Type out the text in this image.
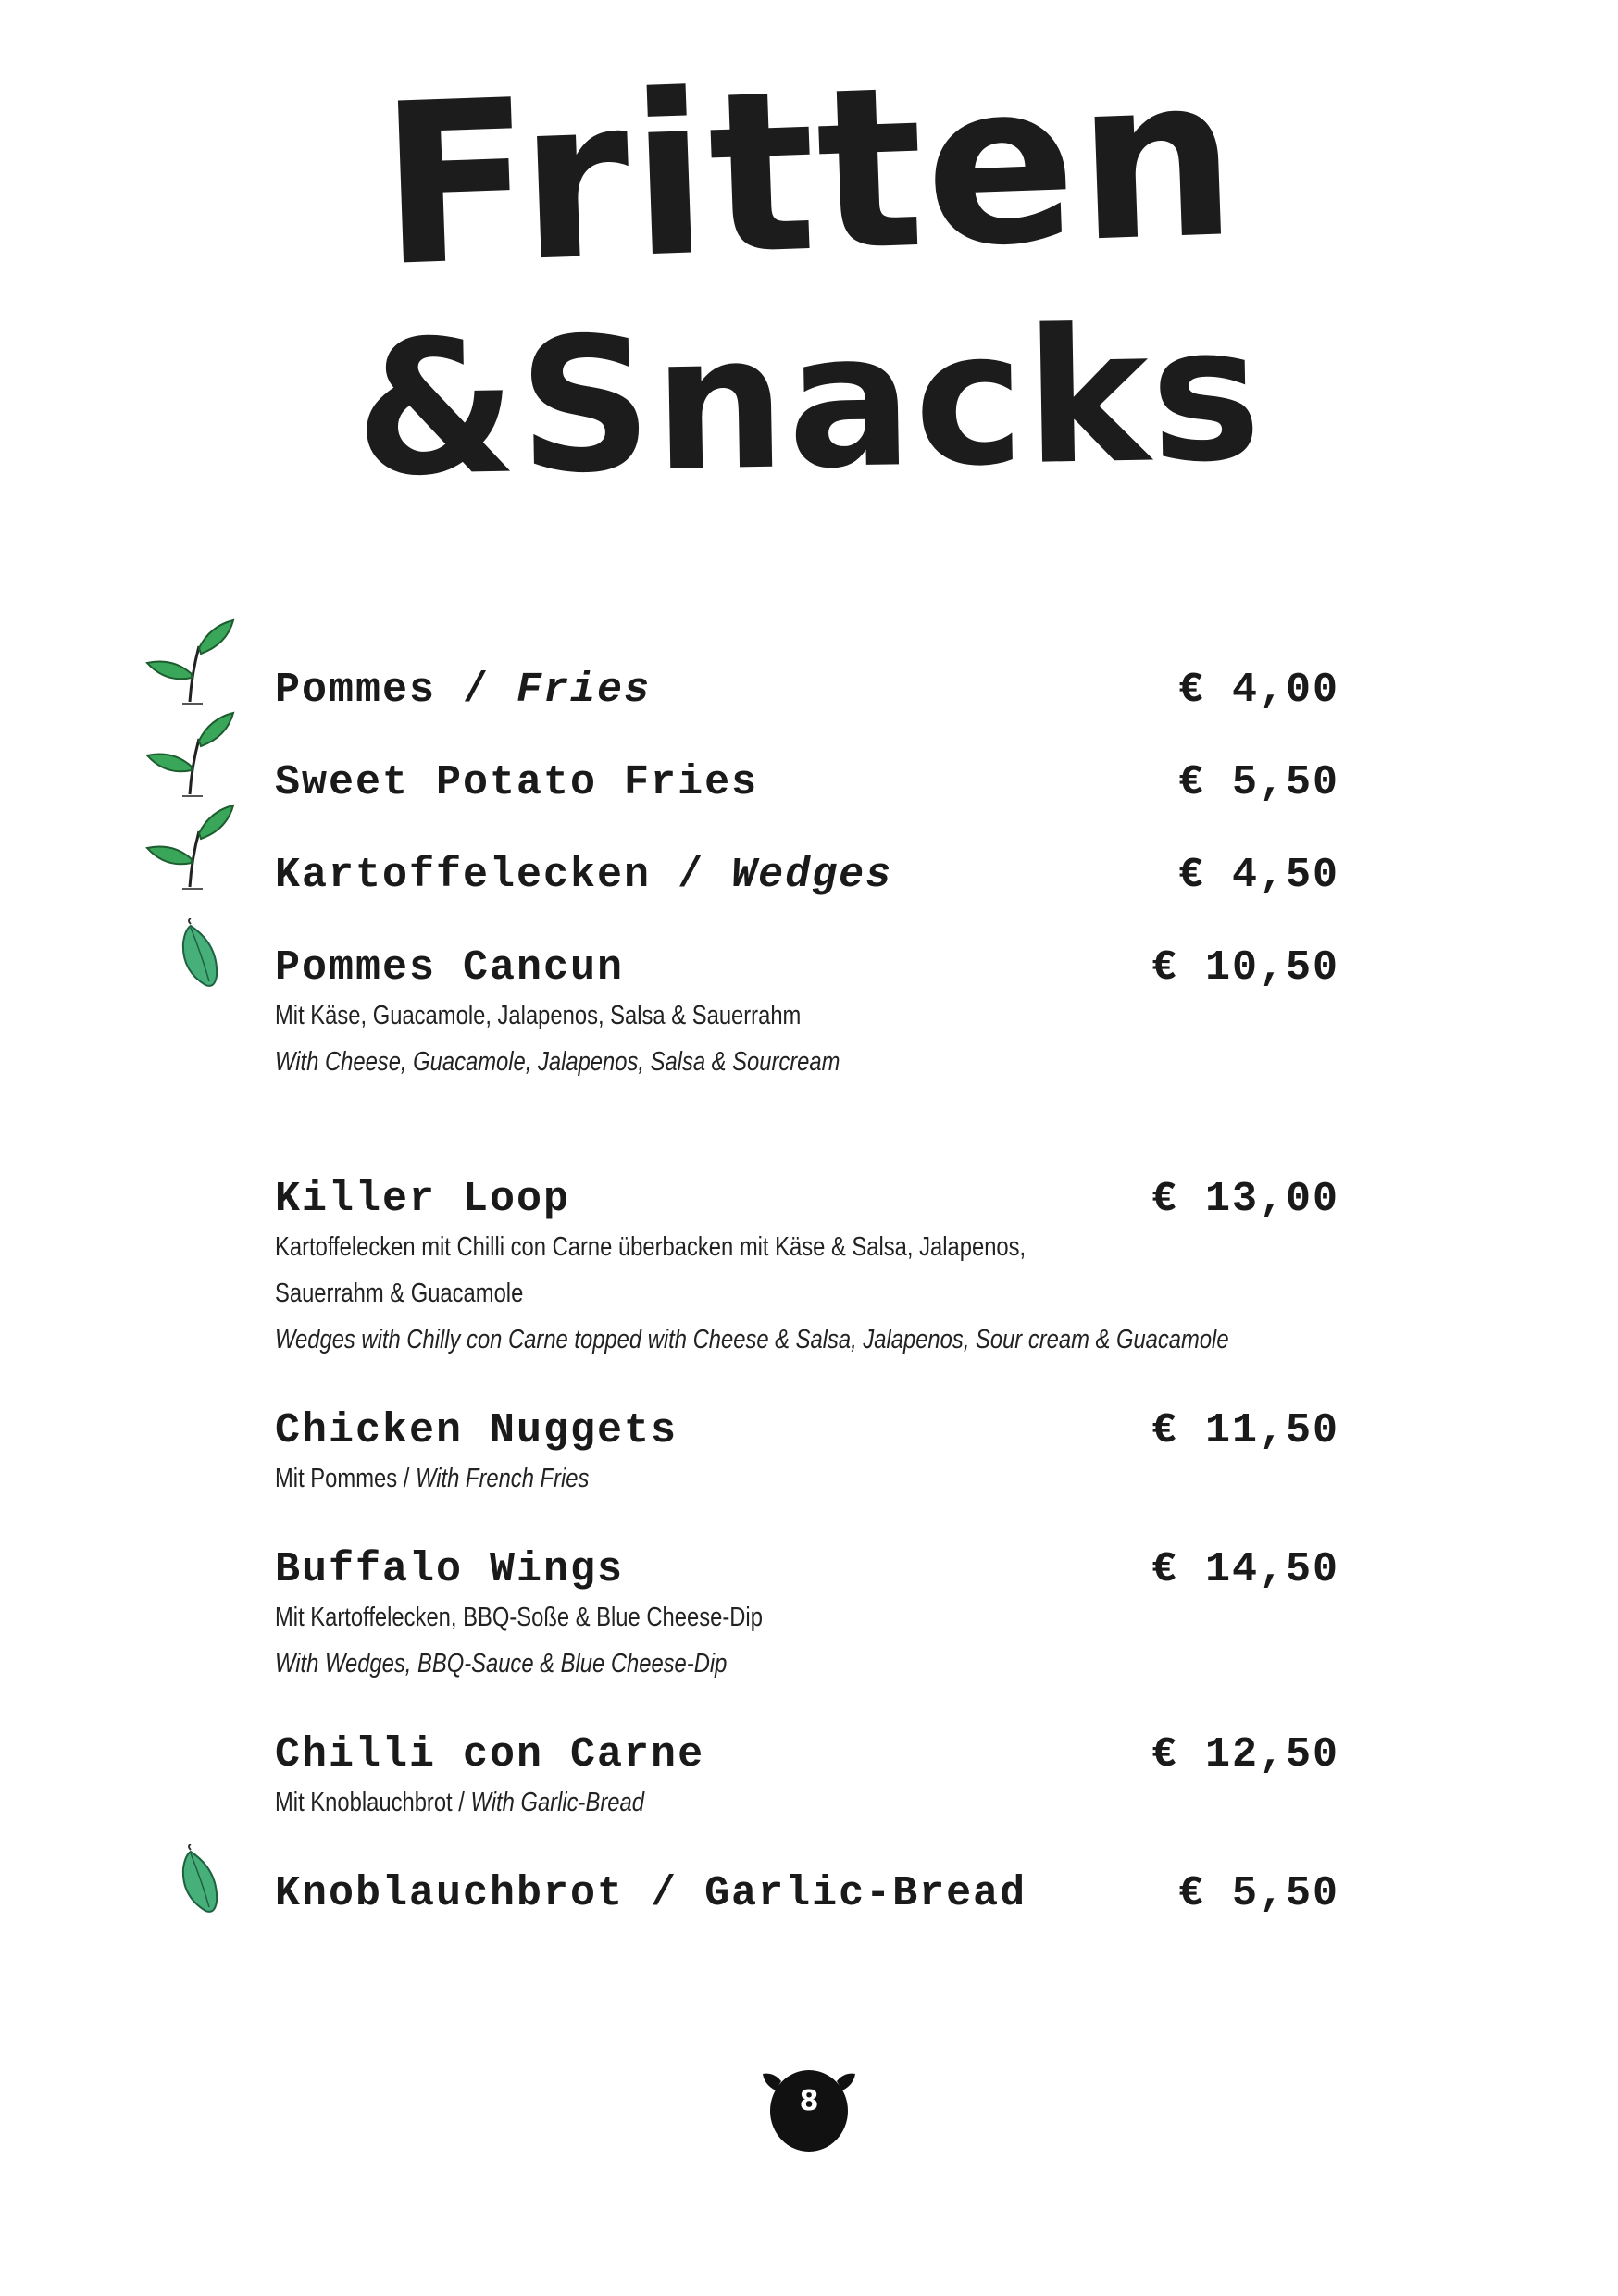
Fritten
&Snacks
Pommes / Fries	€ 4,00
Sweet Potato Fries	€ 5,50
Kartoffelecken / Wedges	€ 4,50
Pommes Cancun	€ 10,50
Mit Käse, Guacamole, Jalapenos, Salsa & Sauerrahm
With Cheese, Guacamole, Jalapenos, Salsa & Sourcream
Killer Loop	€ 13,00
Kartoffelecken mit Chilli con Carne überbacken mit Käse & Salsa, Jalapenos,
Sauerrahm & Guacamole
Wedges with Chilly con Carne topped with Cheese & Salsa, Jalapenos, Sour cream & Guacamole
Chicken Nuggets	€ 11,50
Mit Pommes / With French Fries
Buffalo Wings	€ 14,50
Mit Kartoffelecken, BBQ-Soße & Blue Cheese-Dip
With Wedges, BBQ-Sauce & Blue Cheese-Dip
Chilli con Carne	€ 12,50
Mit Knoblauchbrot / With Garlic-Bread
Knoblauchbrot / Garlic-Bread	€ 5,50
8
